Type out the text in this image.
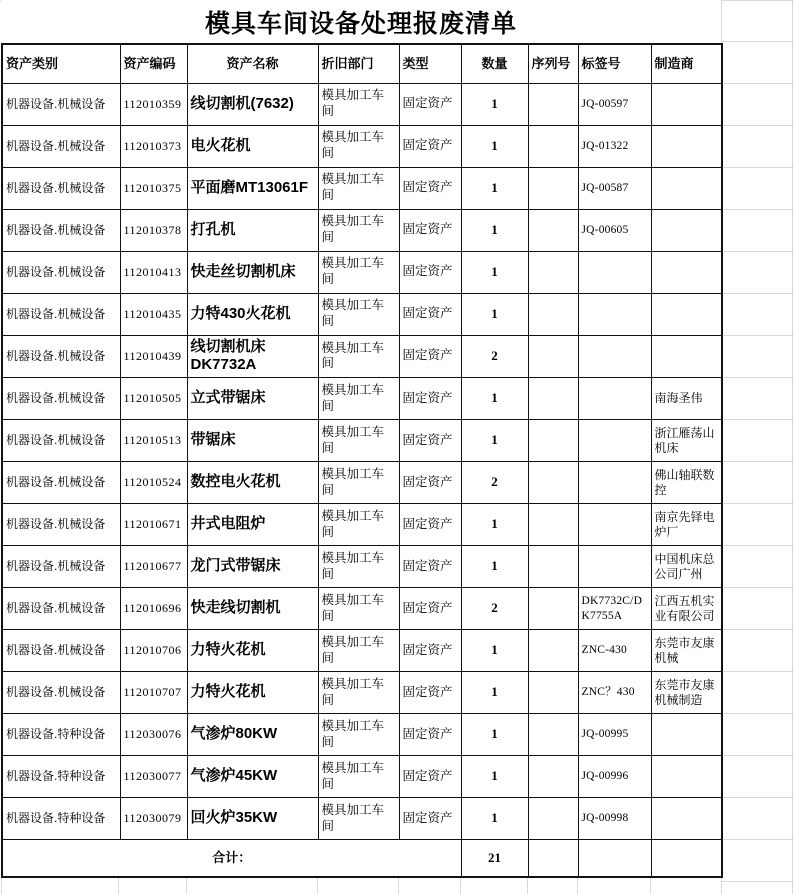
模具车间设备处理报废清单
资产类别	资产编码	资产名称	折旧部门	类型	数量	序列号	标签号	制造商
机器设备.机械设备	112010359	线切割机(7632)	模具加工车间	固定资产	1		JQ-00597	
机器设备.机械设备	112010373	电火花机	模具加工车间	固定资产	1		JQ-01322	
机器设备.机械设备	112010375	平面磨MT13061F	模具加工车间	固定资产	1		JQ-00587	
机器设备.机械设备	112010378	打孔机	模具加工车间	固定资产	1		JQ-00605	
机器设备.机械设备	112010413	快走丝切割机床	模具加工车间	固定资产	1			
机器设备.机械设备	112010435	力特430火花机	模具加工车间	固定资产	1			
机器设备.机械设备	112010439	线切割机床DK7732A	模具加工车间	固定资产	2			
机器设备.机械设备	112010505	立式带锯床	模具加工车间	固定资产	1			南海圣伟
机器设备.机械设备	112010513	带锯床	模具加工车间	固定资产	1			浙江雁荡山机床
机器设备.机械设备	112010524	数控电火花机	模具加工车间	固定资产	2			佛山轴联数控
机器设备.机械设备	112010671	井式电阻炉	模具加工车间	固定资产	1			南京先铎电炉厂
机器设备.机械设备	112010677	龙门式带锯床	模具加工车间	固定资产	1			中国机床总公司广州
机器设备.机械设备	112010696	快走线切割机	模具加工车间	固定资产	2		DK7732C/DK7755A	江西五机实业有限公司
机器设备.机械设备	112010706	力特火花机	模具加工车间	固定资产	1		ZNC-430	东莞市友康机械
机器设备.机械设备	112010707	力特火花机	模具加工车间	固定资产	1		ZNC？430	东莞市友康机械制造
机器设备.特种设备	112030076	气渗炉80KW	模具加工车间	固定资产	1		JQ-00995	
机器设备.特种设备	112030077	气渗炉45KW	模具加工车间	固定资产	1		JQ-00996	
机器设备.特种设备	112030079	回火炉35KW	模具加工车间	固定资产	1		JQ-00998	
合计：					21			
